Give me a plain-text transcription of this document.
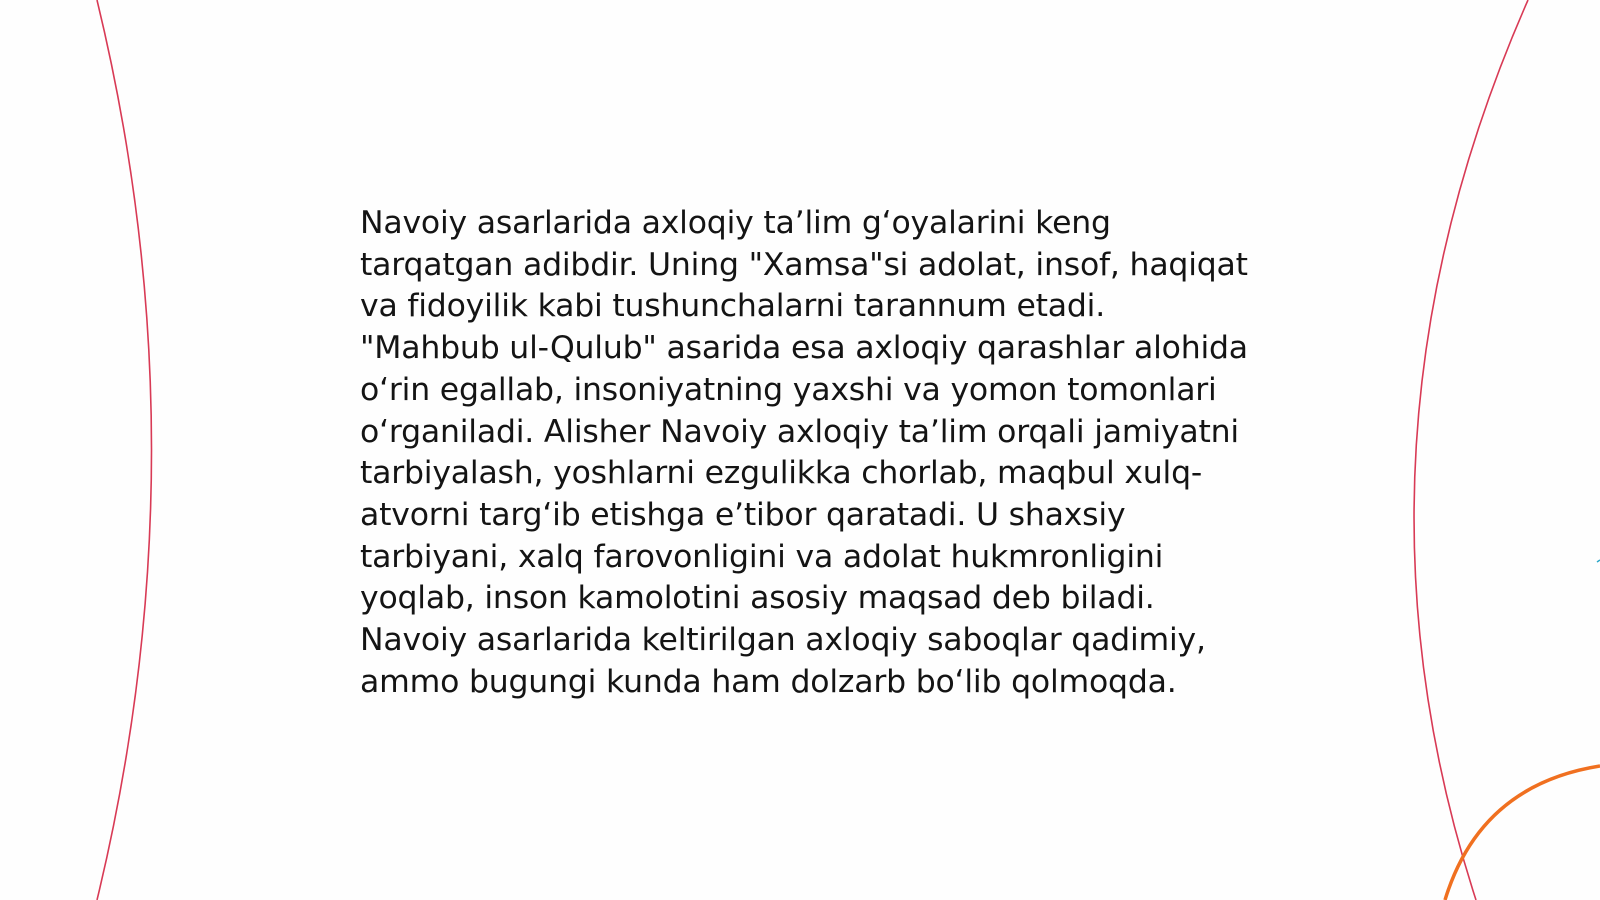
Navoiy asarlarida axloqiy ta’lim g‘oyalarini keng tarqatgan adibdir. Uning "Xamsa"si adolat, insof, haqiqat va fidoyilik kabi tushunchalarni tarannum etadi. "Mahbub ul-Qulub" asarida esa axloqiy qarashlar alohida o‘rin egallab, insoniyatning yaxshi va yomon tomonlari o‘rganiladi. Alisher Navoiy axloqiy ta’lim orqali jamiyatni tarbiyalash, yoshlarni ezgulikka chorlab, maqbul xulq-atvorni targ‘ib etishga e’tibor qaratadi. U shaxsiy tarbiyani, xalq farovonligini va adolat hukmronligini yoqlab, inson kamolotini asosiy maqsad deb biladi. Navoiy asarlarida keltirilgan axloqiy saboqlar qadimiy, ammo bugungi kunda ham dolzarb bo‘lib qolmoqda.
